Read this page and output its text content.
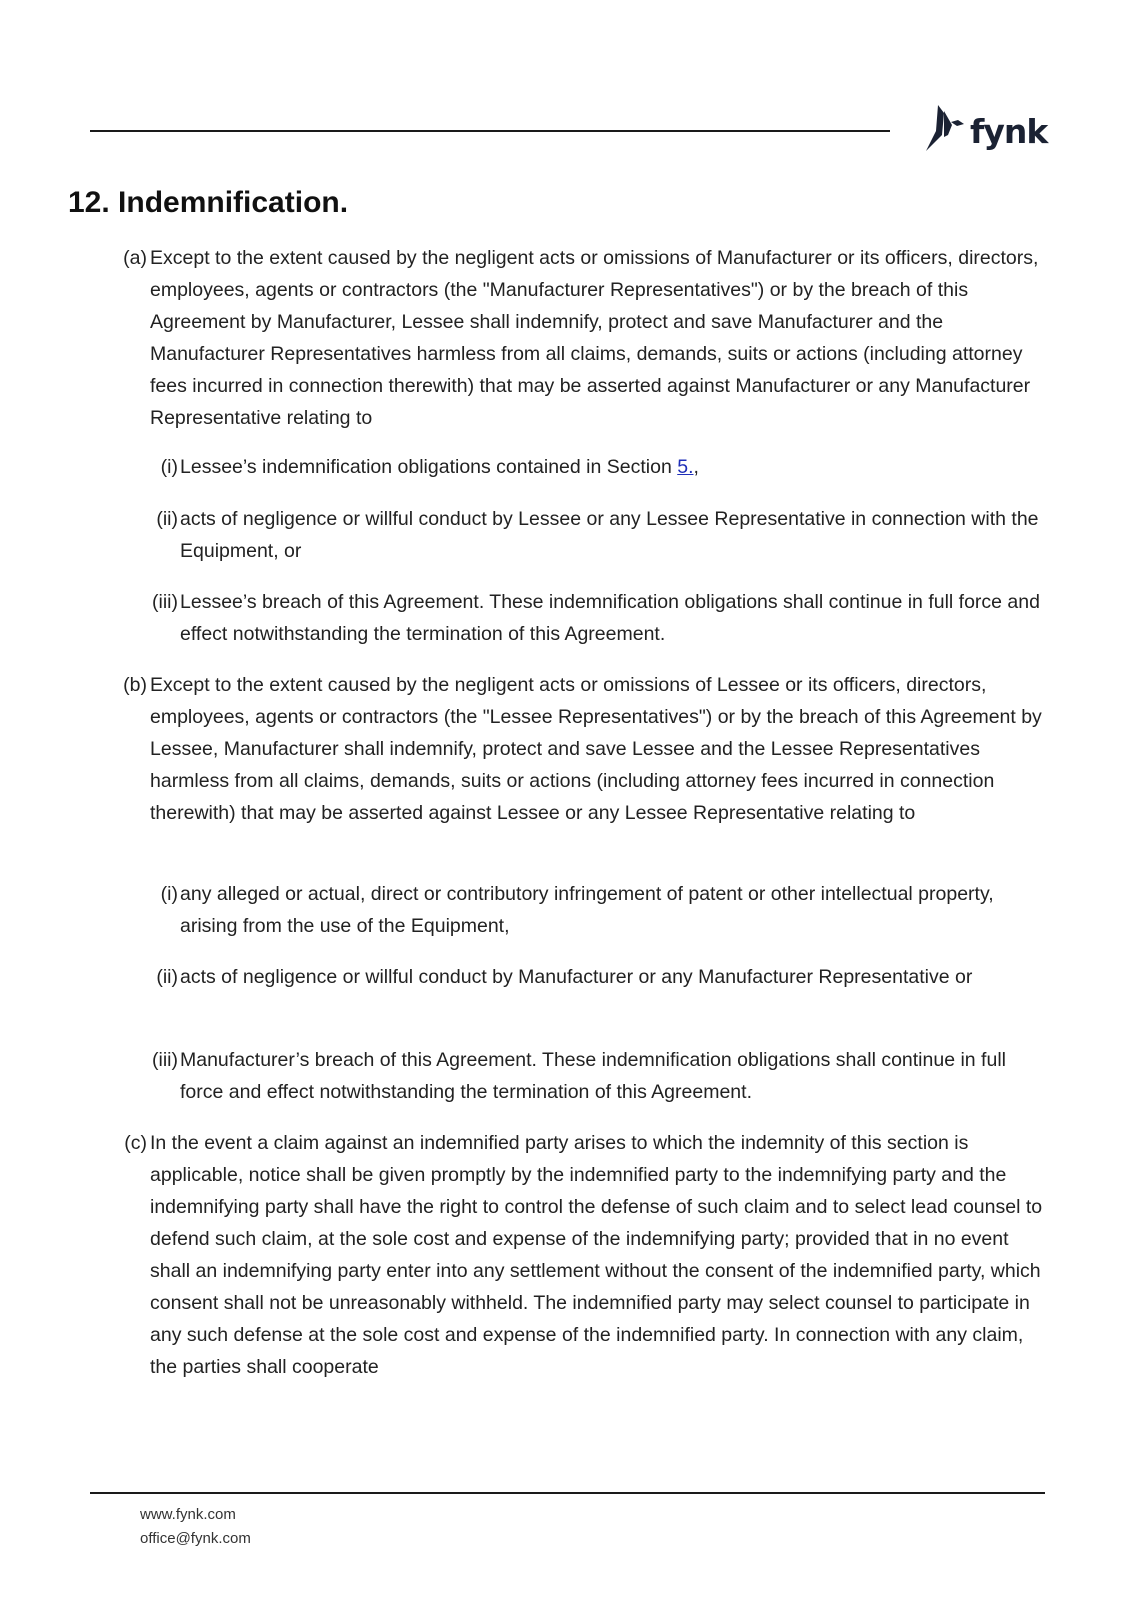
fynk
12. Indemnification.
(a) Except to the extent caused by the negligent acts or omissions of Manufacturer or its officers, directors, employees, agents or contractors (the "Manufacturer Representatives") or by the breach of this Agreement by Manufacturer, Lessee shall indemnify, protect and save Manufacturer and the Manufacturer Representatives harmless from all claims, demands, suits or actions (including attorney fees incurred in connection therewith) that may be asserted against Manufacturer or any Manufacturer Representative relating to
(i) Lessee’s indemnification obligations contained in Section 5.,
(ii) acts of negligence or willful conduct by Lessee or any Lessee Representative in connection with the Equipment, or
(iii) Lessee’s breach of this Agreement. These indemnification obligations shall continue in full force and effect notwithstanding the termination of this Agreement.
(b) Except to the extent caused by the negligent acts or omissions of Lessee or its officers, directors, employees, agents or contractors (the "Lessee Representatives") or by the breach of this Agreement by Lessee, Manufacturer shall indemnify, protect and save Lessee and the Lessee Representatives harmless from all claims, demands, suits or actions (including attorney fees incurred in connection therewith) that may be asserted against Lessee or any Lessee Representative relating to
(i) any alleged or actual, direct or contributory infringement of patent or other intellectual property, arising from the use of the Equipment,
(ii) acts of negligence or willful conduct by Manufacturer or any Manufacturer Representative or
(iii) Manufacturer’s breach of this Agreement. These indemnification obligations shall continue in full force and effect notwithstanding the termination of this Agreement.
(c) In the event a claim against an indemnified party arises to which the indemnity of this section is applicable, notice shall be given promptly by the indemnified party to the indemnifying party and the indemnifying party shall have the right to control the defense of such claim and to select lead counsel to defend such claim, at the sole cost and expense of the indemnifying party; provided that in no event shall an indemnifying party enter into any settlement without the consent of the indemnified party, which consent shall not be unreasonably withheld. The indemnified party may select counsel to participate in any such defense at the sole cost and expense of the indemnified party. In connection with any claim, the parties shall cooperate
www.fynk.com
office@fynk.com
